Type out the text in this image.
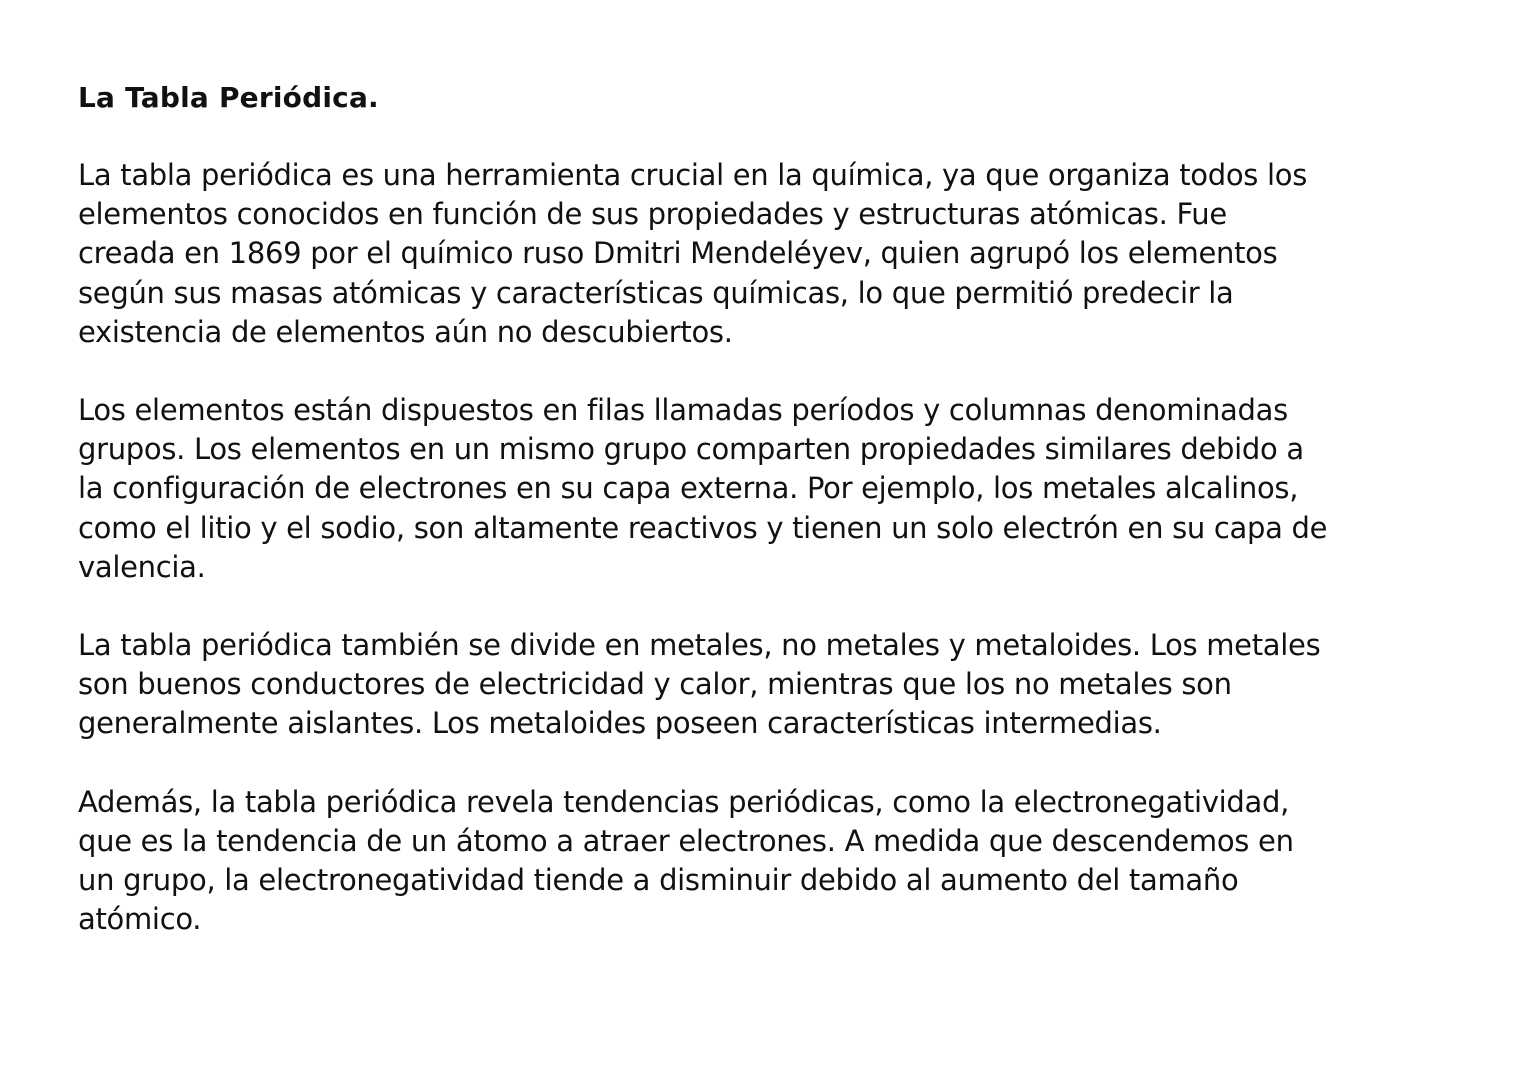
La Tabla Periódica.
La tabla periódica es una herramienta crucial en la química, ya que organiza todos los
elementos conocidos en función de sus propiedades y estructuras atómicas. Fue
creada en 1869 por el químico ruso Dmitri Mendeléyev, quien agrupó los elementos
según sus masas atómicas y características químicas, lo que permitió predecir la
existencia de elementos aún no descubiertos.
Los elementos están dispuestos en filas llamadas períodos y columnas denominadas
grupos. Los elementos en un mismo grupo comparten propiedades similares debido a
la configuración de electrones en su capa externa. Por ejemplo, los metales alcalinos,
como el litio y el sodio, son altamente reactivos y tienen un solo electrón en su capa de
valencia.
La tabla periódica también se divide en metales, no metales y metaloides. Los metales
son buenos conductores de electricidad y calor, mientras que los no metales son
generalmente aislantes. Los metaloides poseen características intermedias.
Además, la tabla periódica revela tendencias periódicas, como la electronegatividad,
que es la tendencia de un átomo a atraer electrones. A medida que descendemos en
un grupo, la electronegatividad tiende a disminuir debido al aumento del tamaño
atómico.
